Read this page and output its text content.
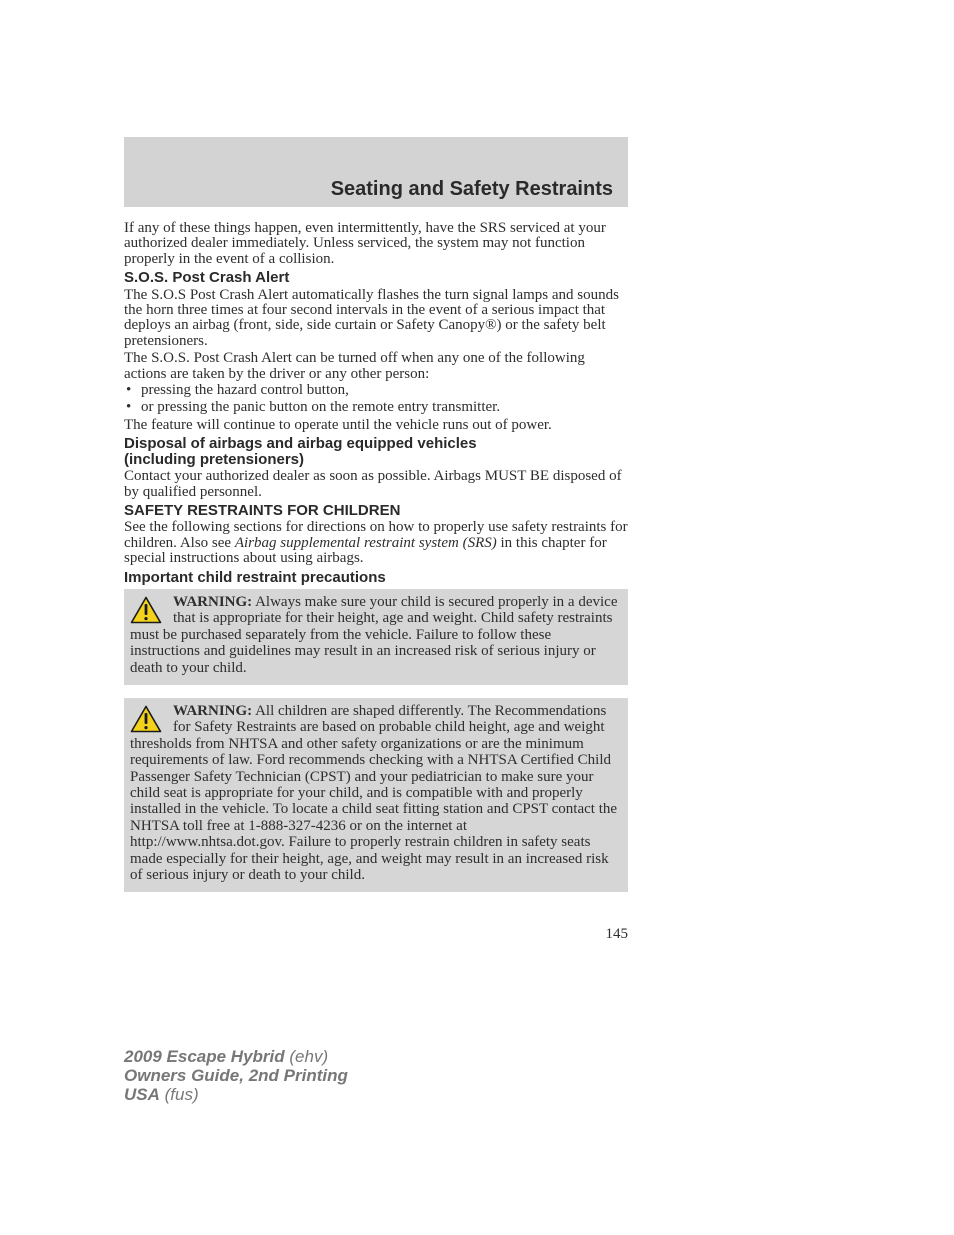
Seating and Safety Restraints

If any of these things happen, even intermittently, have the SRS serviced at your authorized dealer immediately. Unless serviced, the system may not function properly in the event of a collision.

S.O.S. Post Crash Alert

The S.O.S Post Crash Alert automatically flashes the turn signal lamps and sounds the horn three times at four second intervals in the event of a serious impact that deploys an airbag (front, side, side curtain or Safety Canopy®) or the safety belt pretensioners.

The S.O.S. Post Crash Alert can be turned off when any one of the following actions are taken by the driver or any other person:

• pressing the hazard control button,
• or pressing the panic button on the remote entry transmitter.

The feature will continue to operate until the vehicle runs out of power.

Disposal of airbags and airbag equipped vehicles
(including pretensioners)

Contact your authorized dealer as soon as possible. Airbags MUST BE disposed of by qualified personnel.

SAFETY RESTRAINTS FOR CHILDREN

See the following sections for directions on how to properly use safety restraints for children. Also see Airbag supplemental restraint system (SRS) in this chapter for special instructions about using airbags.

Important child restraint precautions
WARNING: Always make sure your child is secured properly in a device that is appropriate for their height, age and weight. Child safety restraints must be purchased separately from the vehicle. Failure to follow these instructions and guidelines may result in an increased risk of serious injury or death to your child.
WARNING: All children are shaped differently. The Recommendations for Safety Restraints are based on probable child height, age and weight thresholds from NHTSA and other safety organizations or are the minimum requirements of law. Ford recommends checking with a NHTSA Certified Child Passenger Safety Technician (CPST) and your pediatrician to make sure your child seat is appropriate for your child, and is compatible with and properly installed in the vehicle. To locate a child seat fitting station and CPST contact the NHTSA toll free at 1-888-327-4236 or on the internet at http://www.nhtsa.dot.gov. Failure to properly restrain children in safety seats made especially for their height, age, and weight may result in an increased risk of serious injury or death to your child.
145
2009 Escape Hybrid (ehv)
Owners Guide, 2nd Printing
USA (fus)
